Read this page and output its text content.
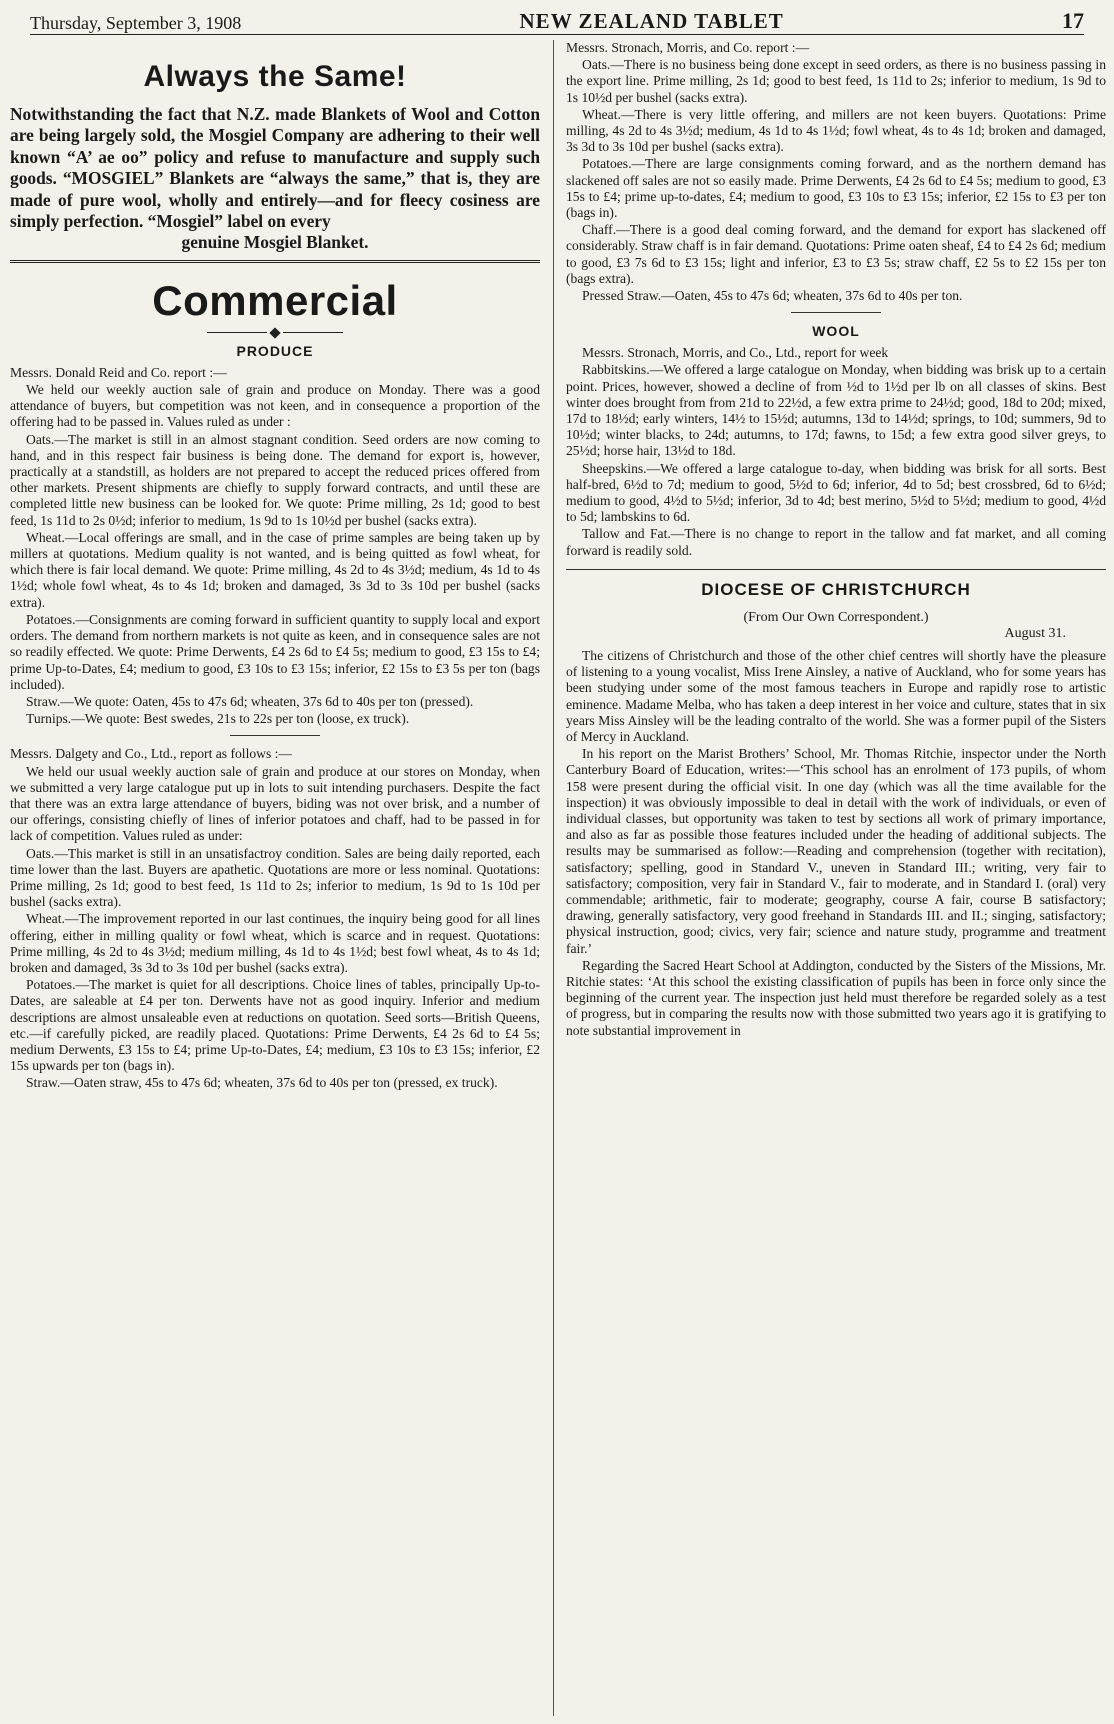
Thursday, September 3, 1908	NEW ZEALAND TABLET	17
Always the Same!
Notwithstanding the fact that N.Z. made Blankets of Wool and Cotton are being largely sold, the Mosgiel Company are adhering to their well known “A’ ae oo” policy and refuse to manufacture and supply such goods. “MOSGIEL” Blankets are “always the same,” that is, they are made of pure wool, wholly and entirely—and for fleecy cosiness are simply perfection. “Mosgiel” label on every
genuine Mosgiel Blanket.
Commercial
PRODUCE

Messrs. Donald Reid and Co. report :—

We held our weekly auction sale of grain and produce on Monday. There was a good attendance of buyers, but competition was not keen, and in consequence a proportion of the offering had to be passed in. Values ruled as under :

Oats.—The market is still in an almost stagnant condition. Seed orders are now coming to hand, and in this respect fair business is being done. The demand for export is, however, practically at a standstill, as holders are not prepared to accept the reduced prices offered from other markets. Present shipments are chiefly to supply forward contracts, and until these are completed little new business can be looked for. We quote: Prime milling, 2s 1d; good to best feed, 1s 11d to 2s 0½d; inferior to medium, 1s 9d to 1s 10½d per bushel (sacks extra).

Wheat.—Local offerings are small, and in the case of prime samples are being taken up by millers at quotations. Medium quality is not wanted, and is being quitted as fowl wheat, for which there is fair local demand. We quote: Prime milling, 4s 2d to 4s 3½d; medium, 4s 1d to 4s 1½d; whole fowl wheat, 4s to 4s 1d; broken and damaged, 3s 3d to 3s 10d per bushel (sacks extra).

Potatoes.—Consignments are coming forward in sufficient quantity to supply local and export orders. The demand from northern markets is not quite as keen, and in consequence sales are not so readily effected. We quote: Prime Derwents, £4 2s 6d to £4 5s; medium to good, £3 15s to £4; prime Up-to-Dates, £4; medium to good, £3 10s to £3 15s; inferior, £2 15s to £3 5s per ton (bags included).

Straw.—We quote: Oaten, 45s to 47s 6d; wheaten, 37s 6d to 40s per ton (pressed).

Turnips.—We quote: Best swedes, 21s to 22s per ton (loose, ex truck).

Messrs. Dalgety and Co., Ltd., report as follows :—

We held our usual weekly auction sale of grain and produce at our stores on Monday, when we submitted a very large catalogue put up in lots to suit intending purchasers. Despite the fact that there was an extra large attendance of buyers, biding was not over brisk, and a number of our offerings, consisting chiefly of lines of inferior potatoes and chaff, had to be passed in for lack of competition. Values ruled as under:

Oats.—This market is still in an unsatisfactroy condition. Sales are being daily reported, each time lower than the last. Buyers are apathetic. Quotations are more or less nominal. Quotations: Prime milling, 2s 1d; good to best feed, 1s 11d to 2s; inferior to medium, 1s 9d to 1s 10d per bushel (sacks extra).

Wheat.—The improvement reported in our last continues, the inquiry being good for all lines offering, either in milling quality or fowl wheat, which is scarce and in request. Quotations: Prime milling, 4s 2d to 4s 3½d; medium milling, 4s 1d to 4s 1½d; best fowl wheat, 4s to 4s 1d; broken and damaged, 3s 3d to 3s 10d per bushel (sacks extra).

Potatoes.—The market is quiet for all descriptions. Choice lines of tables, principally Up-to-Dates, are saleable at £4 per ton. Derwents have not as good inquiry. Inferior and medium descriptions are almost unsaleable even at reductions on quotation. Seed sorts—British Queens, etc.—if carefully picked, are readily placed. Quotations: Prime Derwents, £4 2s 6d to £4 5s; medium Derwents, £3 15s to £4; prime Up-to-Dates, £4; medium, £3 10s to £3 15s; inferior, £2 15s upwards per ton (bags in).

Straw.—Oaten straw, 45s to 47s 6d; wheaten, 37s 6d to 40s per ton (pressed, ex truck).

Messrs. Stronach, Morris, and Co. report :—

Oats.—There is no business being done except in seed orders, as there is no business passing in the export line. Prime milling, 2s 1d; good to best feed, 1s 11d to 2s; inferior to medium, 1s 9d to 1s 10½d per bushel (sacks extra).

Wheat.—There is very little offering, and millers are not keen buyers. Quotations: Prime milling, 4s 2d to 4s 3½d; medium, 4s 1d to 4s 1½d; fowl wheat, 4s to 4s 1d; broken and damaged, 3s 3d to 3s 10d per bushel (sacks extra).

Potatoes.—There are large consignments coming forward, and as the northern demand has slackened off sales are not so easily made. Prime Derwents, £4 2s 6d to £4 5s; medium to good, £3 15s to £4; prime up-to-dates, £4; medium to good, £3 10s to £3 15s; inferior, £2 15s to £3 per ton (bags in).

Chaff.—There is a good deal coming forward, and the demand for export has slackened off considerably. Straw chaff is in fair demand. Quotations: Prime oaten sheaf, £4 to £4 2s 6d; medium to good, £3 7s 6d to £3 15s; light and inferior, £3 to £3 5s; straw chaff, £2 5s to £2 15s per ton (bags extra).

Pressed Straw.—Oaten, 45s to 47s 6d; wheaten, 37s 6d to 40s per ton.

WOOL

Messrs. Stronach, Morris, and Co., Ltd., report for week

Rabbitskins.—We offered a large catalogue on Monday, when bidding was brisk up to a certain point. Prices, however, showed a decline of from ½d to 1½d per lb on all classes of skins. Best winter does brought from from 21d to 22½d, a few extra prime to 24½d; good, 18d to 20d; mixed, 17d to 18½d; early winters, 14½ to 15½d; autumns, 13d to 14½d; springs, to 10d; summers, 9d to 10½d; winter blacks, to 24d; autumns, to 17d; fawns, to 15d; a few extra good silver greys, to 25½d; horse hair, 13½d to 18d.

Sheepskins.—We offered a large catalogue to-day, when bidding was brisk for all sorts. Best half-bred, 6½d to 7d; medium to good, 5½d to 6d; inferior, 4d to 5d; best crossbred, 6d to 6½d; medium to good, 4½d to 5½d; inferior, 3d to 4d; best merino, 5½d to 5½d; medium to good, 4½d to 5d; lambskins to 6d.

Tallow and Fat.—There is no change to report in the tallow and fat market, and all coming forward is readily sold.

DIOCESE OF CHRISTCHURCH
(From Our Own Correspondent.)
August 31.

The citizens of Christchurch and those of the other chief centres will shortly have the pleasure of listening to a young vocalist, Miss Irene Ainsley, a native of Auckland, who for some years has been studying under some of the most famous teachers in Europe and rapidly rose to artistic eminence. Madame Melba, who has taken a deep interest in her voice and culture, states that in six years Miss Ainsley will be the leading contralto of the world. She was a former pupil of the Sisters of Mercy in Auckland.

In his report on the Marist Brothers’ School, Mr. Thomas Ritchie, inspector under the North Canterbury Board of Education, writes:—‘This school has an enrolment of 173 pupils, of whom 158 were present during the official visit. In one day (which was all the time available for the inspection) it was obviously impossible to deal in detail with the work of individuals, or even of individual classes, but opportunity was taken to test by sections all work of primary importance, and also as far as possible those features included under the heading of additional subjects. The results may be summarised as follow:—Reading and comprehension (together with recitation), satisfactory; spelling, good in Standard V., uneven in Standard III.; writing, very fair to satisfactory; composition, very fair in Standard V., fair to moderate, and in Standard I. (oral) very commendable; arithmetic, fair to moderate; geography, course A fair, course B satisfactory; drawing, generally satisfactory, very good freehand in Standards III. and II.; singing, satisfactory; physical instruction, good; civics, very fair; science and nature study, programme and treatment fair.’

Regarding the Sacred Heart School at Addington, conducted by the Sisters of the Missions, Mr. Ritchie states: ‘At this school the existing classification of pupils has been in force only since the beginning of the current year. The inspection just held must therefore be regarded solely as a test of progress, but in comparing the results now with those submitted two years ago it is gratifying to note substantial improvement in
